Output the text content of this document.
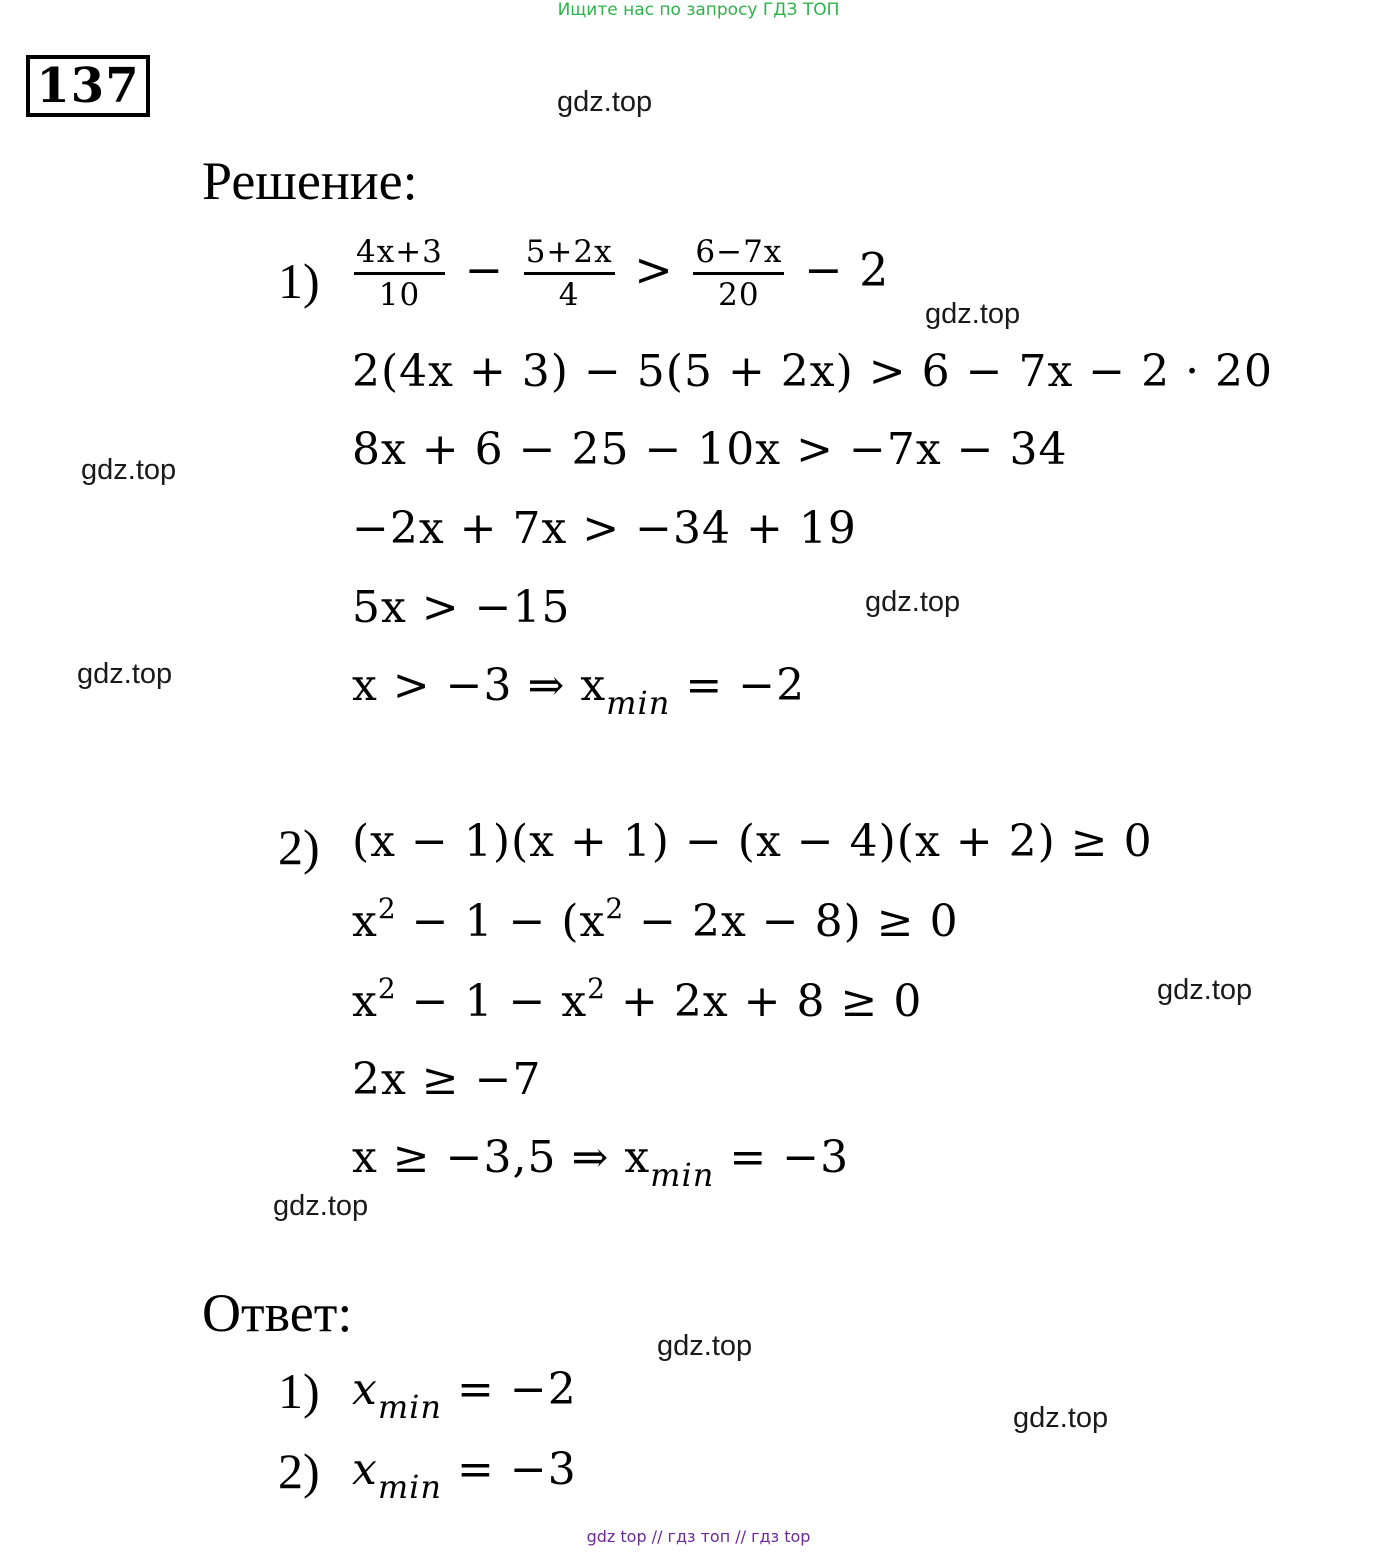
Ищите нас по запросу ГДЗ ТОП
137	gdz.top
gdz.top
gdz.top
gdz.top
gdz.top
gdz.top
gdz.top
gdz.top
gdz.top
Решение:
$1) \frac{4x+3}{10} - \frac{5+2x}{4} > \frac{6-7x}{20} - 2$
2(4x + 3) − 5(5 + 2x) > 6 − 7x − 2 · 20
8x + 6 − 25 − 10x > −7x − 34
−2x + 7x > −34 + 19
5x > −15
x > −3 ⇒ $x_{min} = -2$
2) (x − 1)(x + 1) − (x − 4)(x + 2) ≥ 0
$x^2 - 1 - (x^2 - 2x - 8) \ge 0$
$x^2 - 1 - x^2 + 2x + 8 \ge 0$
2x ≥ −7
x ≥ −3,5 ⇒ $x_{min} = -3$
Ответ:
1) $x_{min} = -2$
2) $x_{min} = -3$
gdz top // гдз топ // гдз top
